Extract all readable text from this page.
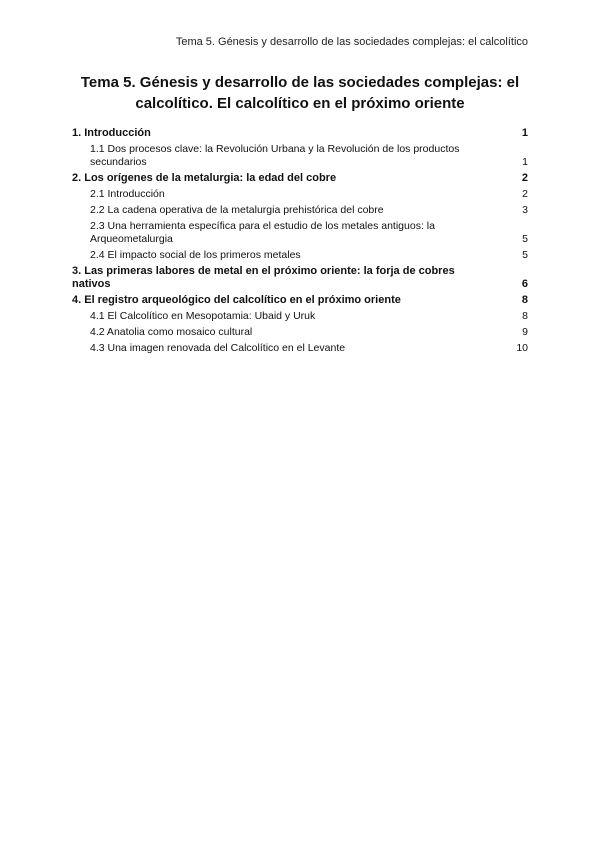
Tema 5. Génesis y desarrollo de las sociedades complejas: el calcolítico
Tema 5. Génesis y desarrollo de las sociedades complejas: el
calcolítico. El calcolítico en el próximo oriente
1. Introducción	1
1.1 Dos procesos clave: la Revolución Urbana y la Revolución de los productos secundarios	1
2. Los orígenes de la metalurgia: la edad del cobre	2
2.1 Introducción	2
2.2 La cadena operativa de la metalurgia prehistórica del cobre	3
2.3 Una herramienta específica para el estudio de los metales antiguos: la Arqueometalurgia	5
2.4 El impacto social de los primeros metales	5
3. Las primeras labores de metal en el próximo oriente: la forja de cobres nativos	6
4. El registro arqueológico del calcolítico en el próximo oriente	8
4.1 El Calcolítico en Mesopotamia: Ubaid y Uruk	8
4.2 Anatolia como mosaico cultural	9
4.3 Una imagen renovada del Calcolítico en el Levante	10
